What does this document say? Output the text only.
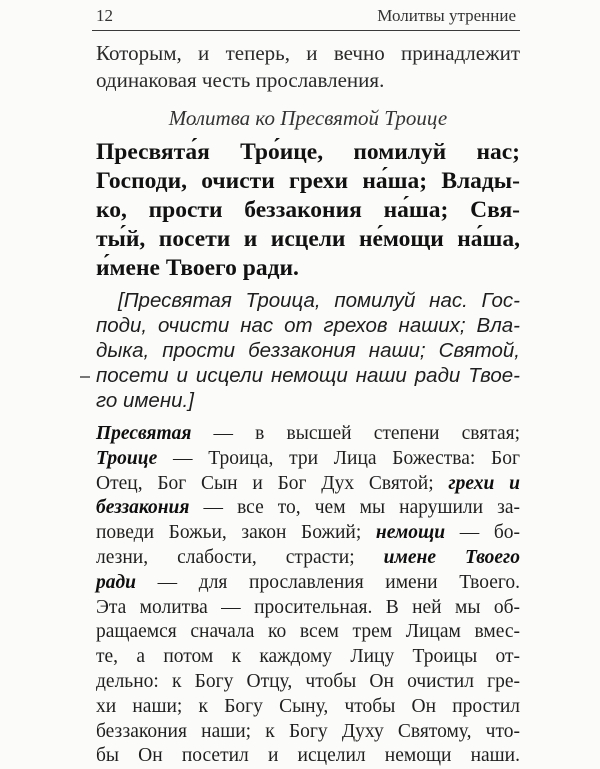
12	Молитвы утренние
Которым, и теперь, и вечно принадлежит
одинаковая честь прославления.
Молитва ко Пресвятой Троице
Пресвята́я Тро́ице, помилуй нас;
Господи, очисти грехи на́ша; Влады-
ко, прости беззакония на́ша; Свя-
ты́й, посети и исцели не́мощи на́ша,
и́мене Твоего ради.
[Пресвятая Троица, помилуй нас. Гос-
поди, очисти нас от грехов наших; Вла-
дыка, прости беззакония наши; Святой,
посети и исцели немощи наши ради Твое-
го имени.]
Пресвятая — в высшей степени святая;
Троице — Троица, три Лица Божества: Бог
Отец, Бог Сын и Бог Дух Святой; грехи и
беззакония — все то, чем мы нарушили за-
поведи Божьи, закон Божий; немощи — бо-
лезни, слабости, страсти; имене Твоего
ради — для прославления имени Твоего.
Эта молитва — просительная. В ней мы об-
ращаемся сначала ко всем трем Лицам вмес-
те, а потом к каждому Лицу Троицы от-
дельно: к Богу Отцу, чтобы Он очистил гре-
хи наши; к Богу Сыну, чтобы Он простил
беззакония наши; к Богу Духу Святому, что-
бы Он посетил и исцелил немощи наши.
